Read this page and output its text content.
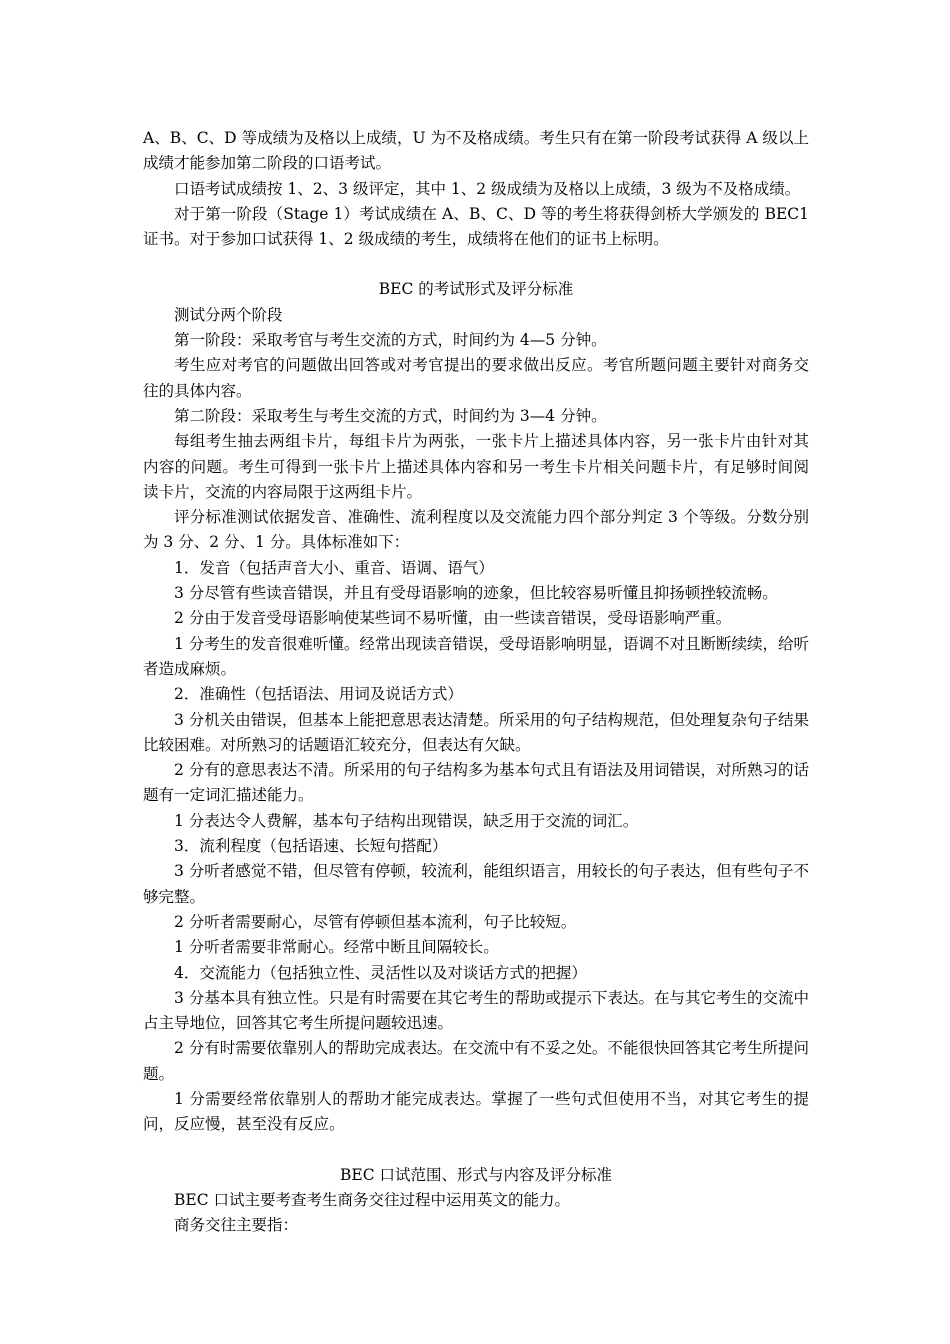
A、B、C、D 等成绩为及格以上成绩，U 为不及格成绩。考生只有在第一阶段考试获得 A 级以上成绩才能参加第二阶段的口语考试。

口语考试成绩按 1、2、3 级评定，其中 1、2 级成绩为及格以上成绩，3 级为不及格成绩。

对于第一阶段（Stage 1）考试成绩在 A、B、C、D 等的考生将获得剑桥大学颁发的 BEC1 证书。对于参加口试获得 1、2 级成绩的考生，成绩将在他们的证书上标明。

BEC 的考试形式及评分标准

测试分两个阶段

第一阶段：采取考官与考生交流的方式，时间约为 4—5 分钟。

考生应对考官的问题做出回答或对考官提出的要求做出反应。考官所题问题主要针对商务交往的具体内容。

第二阶段：采取考生与考生交流的方式，时间约为 3—4 分钟。

每组考生抽去两组卡片，每组卡片为两张，一张卡片上描述具体内容，另一张卡片由针对其内容的问题。考生可得到一张卡片上描述具体内容和另一考生卡片相关问题卡片，有足够时间阅读卡片，交流的内容局限于这两组卡片。

评分标准测试依据发音、准确性、流利程度以及交流能力四个部分判定 3 个等级。分数分别为 3 分、2 分、1 分。具体标准如下：

1．发音（包括声音大小、重音、语调、语气）

3 分尽管有些读音错误，并且有受母语影响的迹象，但比较容易听懂且抑扬顿挫较流畅。

2 分由于发音受母语影响使某些词不易听懂，由一些读音错误，受母语影响严重。

1 分考生的发音很难听懂。经常出现读音错误，受母语影响明显，语调不对且断断续续，给听者造成麻烦。

2．准确性（包括语法、用词及说话方式）

3 分机关由错误，但基本上能把意思表达清楚。所采用的句子结构规范，但处理复杂句子结果比较困难。对所熟习的话题语汇较充分，但表达有欠缺。

2 分有的意思表达不清。所采用的句子结构多为基本句式且有语法及用词错误，对所熟习的话题有一定词汇描述能力。

1 分表达令人费解，基本句子结构出现错误，缺乏用于交流的词汇。

3．流利程度（包括语速、长短句搭配）

3 分听者感觉不错，但尽管有停顿，较流利，能组织语言，用较长的句子表达，但有些句子不够完整。

2 分听者需要耐心，尽管有停顿但基本流利，句子比较短。

1 分听者需要非常耐心。经常中断且间隔较长。

4．交流能力（包括独立性、灵活性以及对谈话方式的把握）

3 分基本具有独立性。只是有时需要在其它考生的帮助或提示下表达。在与其它考生的交流中占主导地位，回答其它考生所提问题较迅速。

2 分有时需要依靠别人的帮助完成表达。在交流中有不妥之处。不能很快回答其它考生所提问题。

1 分需要经常依靠别人的帮助才能完成表达。掌握了一些句式但使用不当，对其它考生的提问，反应慢，甚至没有反应。

BEC 口试范围、形式与内容及评分标准

BEC 口试主要考查考生商务交往过程中运用英文的能力。

商务交往主要指：
